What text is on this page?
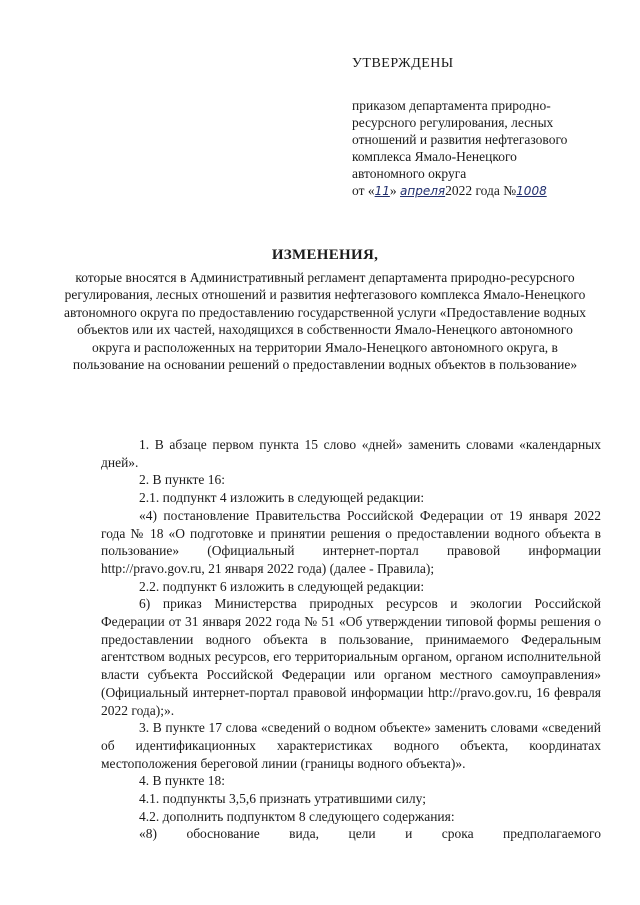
УТВЕРЖДЕНЫ
приказом департамента природно-
ресурсного регулирования, лесных
отношений и развития нефтегазового
комплекса Ямало-Ненецкого
автономного округа
от «11» апреля2022 года №1008
ИЗМЕНЕНИЯ,
которые вносятся в Административный регламент департамента природно-ресурсного регулирования, лесных отношений и развития нефтегазового комплекса Ямало-Ненецкого автономного округа по предоставлению государственной услуги «Предоставление водных объектов или их частей, находящихся в собственности Ямало-Ненецкого автономного округа и расположенных на территории Ямало-Ненецкого автономного округа, в пользование на основании решений о предоставлении водных объектов в пользование»

1. В абзаце первом пункта 15 слово «дней» заменить словами «календарных дней».

2. В пункте 16:

2.1. подпункт 4 изложить в следующей редакции:

«4) постановление Правительства Российской Федерации от 19 января 2022 года № 18 «О подготовке и принятии решения о предоставлении водного объекта в пользование» (Официальный интернет-портал правовой информации http://pravo.gov.ru, 21 января 2022 года) (далее - Правила);

2.2. подпункт 6 изложить в следующей редакции:

6) приказ Министерства природных ресурсов и экологии Российской Федерации от 31 января 2022 года № 51 «Об утверждении типовой формы решения о предоставлении водного объекта в пользование, принимаемого Федеральным агентством водных ресурсов, его территориальным органом, органом исполнительной власти субъекта Российской Федерации или органом местного самоуправления» (Официальный интернет-портал правовой информации http://pravo.gov.ru, 16 февраля 2022 года);».

3. В пункте 17 слова «сведений о водном объекте» заменить словами «сведений об идентификационных характеристиках водного объекта, координатах местоположения береговой линии (границы водного объекта)».

4. В пункте 18:

4.1. подпункты 3,5,6 признать утратившими силу;

4.2. дополнить подпунктом 8 следующего содержания:

«8) обоснование вида, цели и срока предполагаемого
